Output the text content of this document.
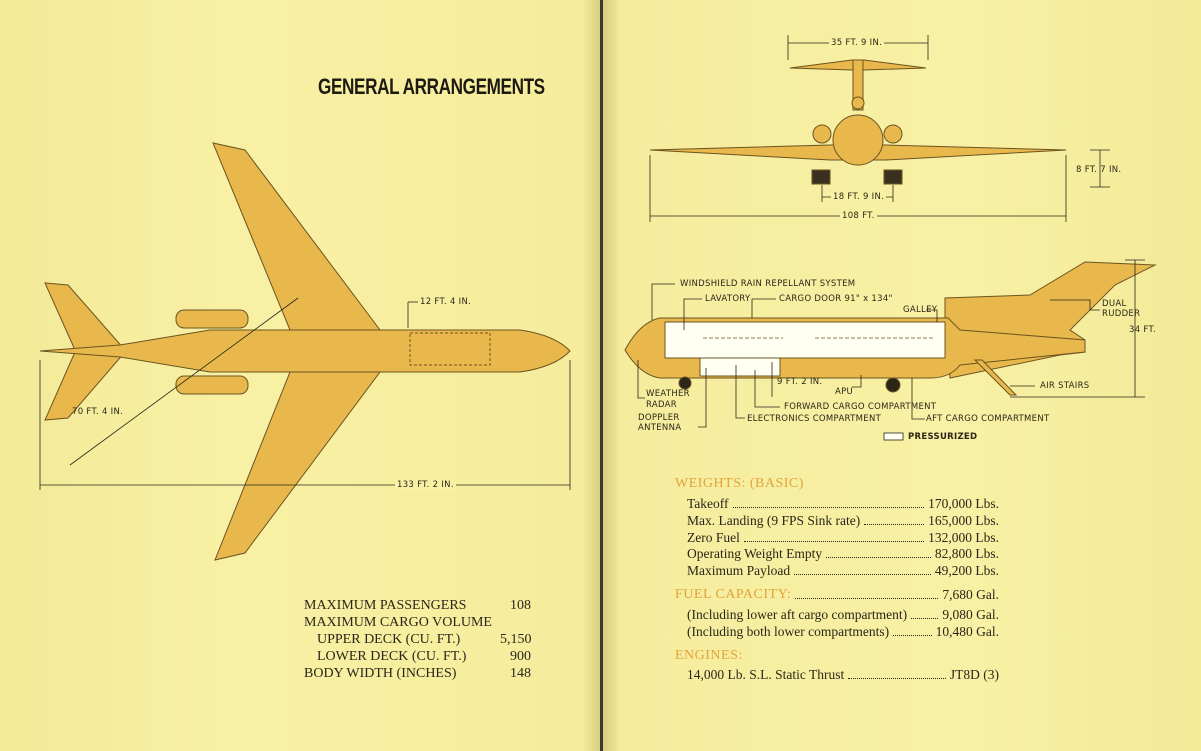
GENERAL ARRANGEMENTS
12 FT. 4 IN.
70 FT. 4 IN.
133 FT. 2 IN.
MAXIMUM PASSENGERS	108
MAXIMUM CARGO VOLUME
UPPER DECK (CU. FT.)	5,150
LOWER DECK (CU. FT.)	900
BODY WIDTH (INCHES)	148
35 FT. 9 IN.
8 FT. 7 IN.
18 FT. 9 IN.
108 FT.
WINDSHIELD RAIN REPELLANT SYSTEM
LAVATORY	CARGO DOOR 91" x 134"
GALLEY
DUAL
RUDDER
34 FT.
WEATHER
RADAR
9 FT. 2 IN.
APU
AIR STAIRS
FORWARD CARGO COMPARTMENT
DOPPLER
ANTENNA
ELECTRONICS COMPARTMENT	AFT CARGO COMPARTMENT
PRESSURIZED
WEIGHTS: (BASIC)
Takeoff	170,000 Lbs.
Max. Landing (9 FPS Sink rate)	165,000 Lbs.
Zero Fuel	132,000 Lbs.
Operating Weight Empty	82,800 Lbs.
Maximum Payload	49,200 Lbs.
FUEL CAPACITY:	7,680 Gal.
(Including lower aft cargo compartment)	9,080 Gal.
(Including both lower compartments)	10,480 Gal.
ENGINES:
14,000 Lb. S.L. Static Thrust	JT8D (3)
